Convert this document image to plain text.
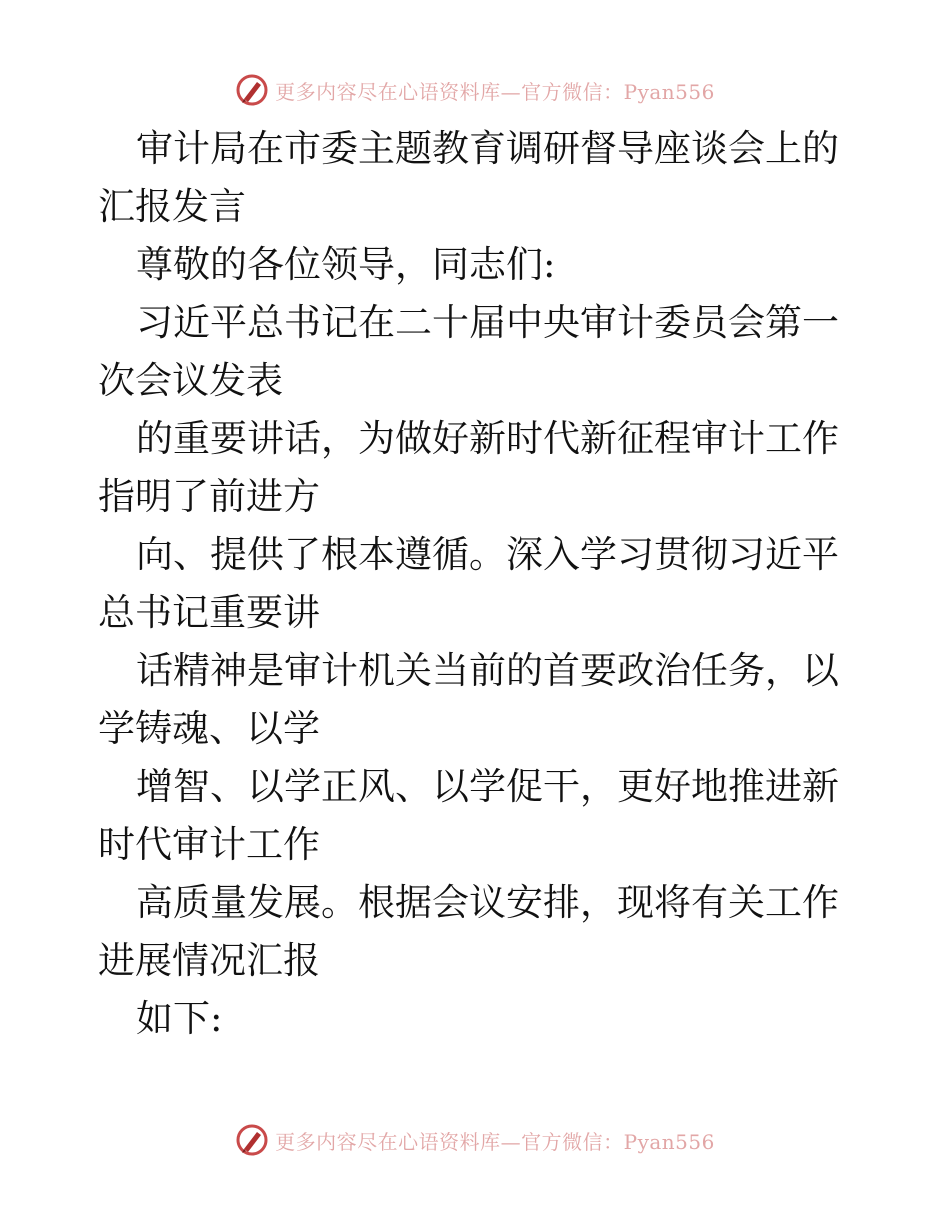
更多内容尽在心语资料库—官方微信：Pyan556

审计局在市委主题教育调研督导座谈会上的汇报发言

尊敬的各位领导，同志们:

习近平总书记在二十届中央审计委员会第一次会议发表

的重要讲话，为做好新时代新征程审计工作指明了前进方

向、提供了根本遵循。深入学习贯彻习近平总书记重要讲

话精神是审计机关当前的首要政治任务，以学铸魂、以学

增智、以学正风、以学促干，更好地推进新时代审计工作

高质量发展。根据会议安排，现将有关工作进展情况汇报

如下:

更多内容尽在心语资料库—官方微信：Pyan556
